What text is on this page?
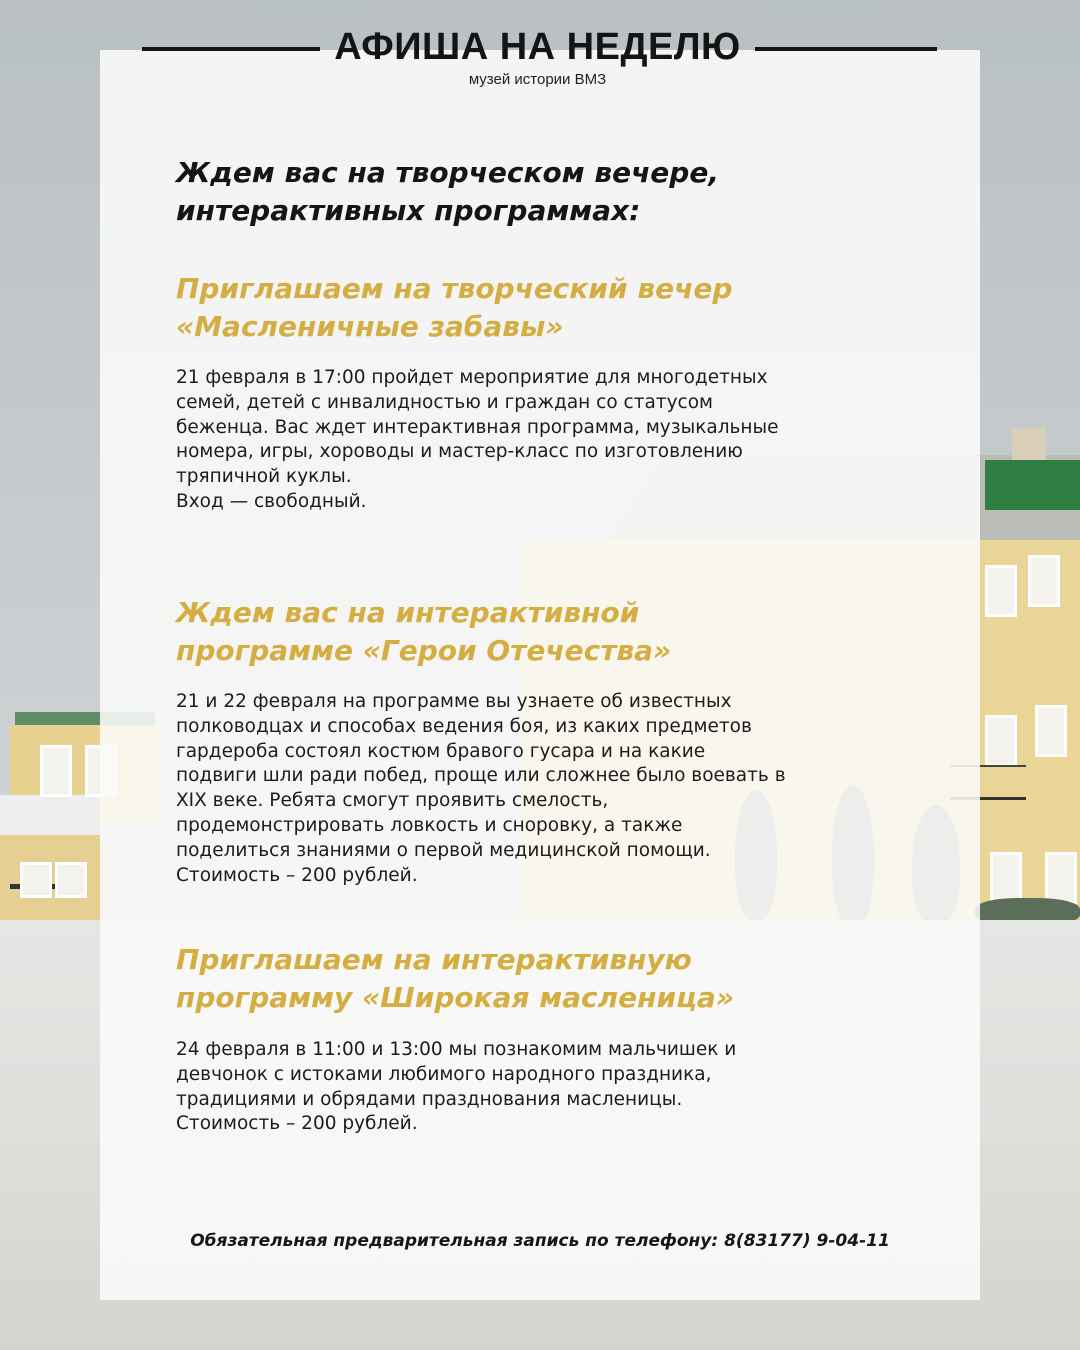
АФИША НА НЕДЕЛЮ
музей истории ВМЗ

Ждем вас на творческом вечере, интерактивных программах:

Приглашаем на творческий вечер
«Масленичные забавы»

21 февраля в 17:00 пройдет мероприятие для многодетных
семей, детей с инвалидностью и граждан со статусом
беженца. Вас ждет интерактивная программа, музыкальные
номера, игры, хороводы и мастер-класс по изготовлению
тряпичной куклы.
Вход — свободный.

Ждем вас на интерактивной
программе «Герои Отечества»

21 и 22 февраля на программе вы узнаете об известных
полководцах и способах ведения боя, из каких предметов
гардероба состоял костюм бравого гусара и на какие
подвиги шли ради побед, проще или сложнее было воевать в
XIX веке. Ребята смогут проявить смелость,
продемонстрировать ловкость и сноровку, а также
поделиться знаниями о первой медицинской помощи.
Стоимость – 200 рублей.

Приглашаем на интерактивную
программу «Широкая масленица»

24 февраля в 11:00 и 13:00 мы познакомим мальчишек и
девчонок с истоками любимого народного праздника,
традициями и обрядами празднования масленицы.
Стоимость – 200 рублей.

Обязательная предварительная запись по телефону: 8(83177) 9-04-11
